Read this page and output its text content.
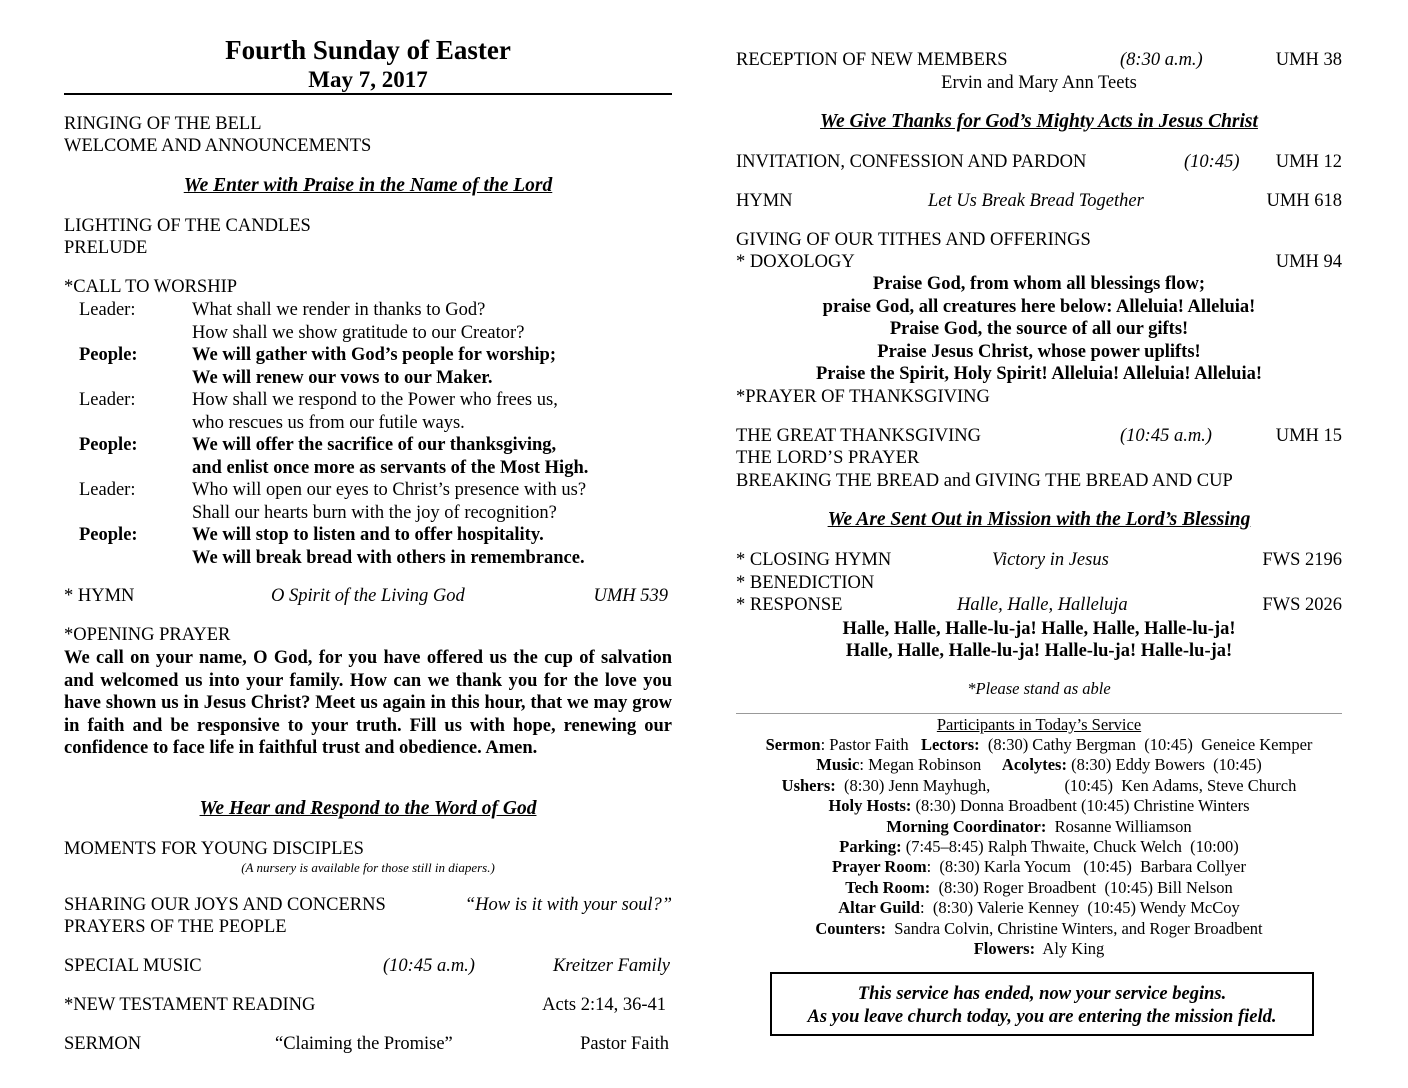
Fourth Sunday of Easter
May 7, 2017
RINGING OF THE BELL
WELCOME AND ANNOUNCEMENTS
We Enter with Praise in the Name of the Lord
LIGHTING OF THE CANDLES
PRELUDE
*CALL TO WORSHIP
Leader:	What shall we render in thanks to God?
How shall we show gratitude to our Creator?
People:	We will gather with God’s people for worship;
We will renew our vows to our Maker.
Leader:	How shall we respond to the Power who frees us,
who rescues us from our futile ways.
People:	We will offer the sacrifice of our thanksgiving,
and enlist once more as servants of the Most High.
Leader:	Who will open our eyes to Christ’s presence with us?
Shall our hearts burn with the joy of recognition?
People:	We will stop to listen and to offer hospitality.
We will break bread with others in remembrance.
* HYMN	O Spirit of the Living God	UMH 539
*OPENING PRAYER
We call on your name, O God, for you have offered us the cup of salvation and welcomed us into your family. How can we thank you for the love you have shown us in Jesus Christ? Meet us again in this hour, that we may grow in faith and be responsive to your truth. Fill us with hope, renewing our confidence to face life in faithful trust and obedience. Amen.
We Hear and Respond to the Word of God
MOMENTS FOR YOUNG DISCIPLES
(A nursery is available for those still in diapers.)
SHARING OUR JOYS AND CONCERNS	“How is it with your soul?”
PRAYERS OF THE PEOPLE
SPECIAL MUSIC	(10:45 a.m.)	Kreitzer Family
*NEW TESTAMENT READING	Acts 2:14, 36-41
SERMON	“Claiming the Promise”	Pastor Faith
RECEPTION OF NEW MEMBERS	(8:30 a.m.)	UMH 38
Ervin and Mary Ann Teets
We Give Thanks for God’s Mighty Acts in Jesus Christ
INVITATION, CONFESSION AND PARDON	(10:45) UMH 12
HYMN	Let Us Break Bread Together	UMH 618
GIVING OF OUR TITHES AND OFFERINGS
* DOXOLOGY	UMH 94
Praise God, from whom all blessings flow;
praise God, all creatures here below: Alleluia! Alleluia!
Praise God, the source of all our gifts!
Praise Jesus Christ, whose power uplifts!
Praise the Spirit, Holy Spirit! Alleluia! Alleluia! Alleluia!
*PRAYER OF THANKSGIVING
THE GREAT THANKSGIVING	(10:45 a.m.)	UMH 15
THE LORD’S PRAYER
BREAKING THE BREAD and GIVING THE BREAD AND CUP
We Are Sent Out in Mission with the Lord’s Blessing
* CLOSING HYMN	Victory in Jesus	FWS 2196
* BENEDICTION
* RESPONSE	Halle, Halle, Halleluja	FWS 2026
Halle, Halle, Halle-lu-ja! Halle, Halle, Halle-lu-ja!
Halle, Halle, Halle-lu-ja! Halle-lu-ja! Halle-lu-ja!
*Please stand as able
Participants in Today’s Service
Sermon: Pastor Faith   Lectors:  (8:30) Cathy Bergman  (10:45)  Geneice Kemper
Music: Megan Robinson     Acolytes: (8:30) Eddy Bowers  (10:45)
Ushers:  (8:30) Jenn Mayhugh,                  (10:45)  Ken Adams, Steve Church
Holy Hosts: (8:30) Donna Broadbent (10:45) Christine Winters
Morning Coordinator:  Rosanne Williamson
Parking: (7:45–8:45) Ralph Thwaite, Chuck Welch  (10:00)
Prayer Room:  (8:30) Karla Yocum   (10:45)  Barbara Collyer
Tech Room:  (8:30) Roger Broadbent  (10:45) Bill Nelson
Altar Guild:  (8:30) Valerie Kenney  (10:45) Wendy McCoy
Counters:  Sandra Colvin, Christine Winters, and Roger Broadbent
Flowers:  Aly King
This service has ended, now your service begins.
As you leave church today, you are entering the mission field.
